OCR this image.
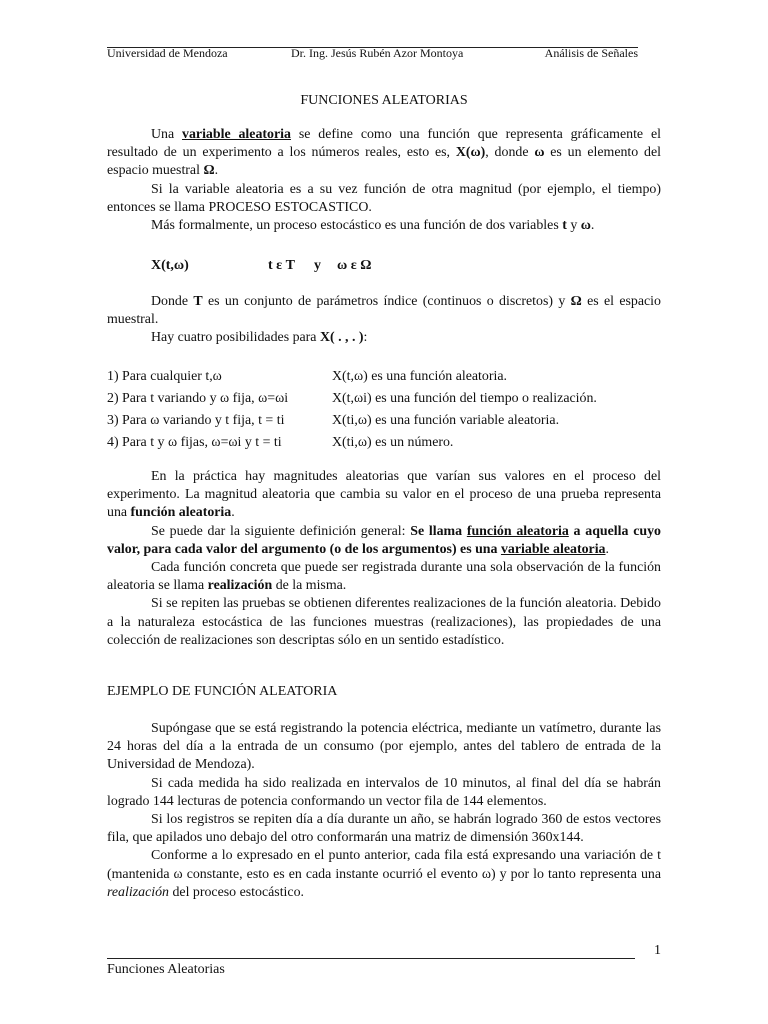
Universidad de Mendoza	Dr. Ing. Jesús Rubén Azor Montoya	Análisis de Señales
FUNCIONES ALEATORIAS

Una variable aleatoria se define como una función que representa gráficamente el resultado de un experimento a los números reales, esto es, X(ω), donde ω es un elemento del espacio muestral Ω.

Si la variable aleatoria es a su vez función de otra magnitud (por ejemplo, el tiempo) entonces se llama PROCESO ESTOCASTICO.

Más formalmente, un proceso estocástico es una función de dos variables t y ω.

X(t,ω)	t ε T y ω ε Ω

Donde T es un conjunto de parámetros índice (continuos o discretos) y Ω es el espacio muestral.

Hay cuatro posibilidades para X( . , . ):

1) Para cualquier t,ω	X(t,ω) es una función aleatoria.
2) Para t variando y ω fija, ω=ωi	X(t,ωi) es una función del tiempo o realización.
3) Para ω variando y t fija, t = ti	X(ti,ω) es una función variable aleatoria.
4) Para t y ω fijas, ω=ωi y t = ti	X(ti,ω) es un número.

En la práctica hay magnitudes aleatorias que varían sus valores en el proceso del experimento. La magnitud aleatoria que cambia su valor en el proceso de una prueba representa una función aleatoria.

Se puede dar la siguiente definición general: Se llama función aleatoria a aquella cuyo valor, para cada valor del argumento (o de los argumentos) es una variable aleatoria.

Cada función concreta que puede ser registrada durante una sola observación de la función aleatoria se llama realización de la misma.

Si se repiten las pruebas se obtienen diferentes realizaciones de la función aleatoria. Debido a la naturaleza estocástica de las funciones muestras (realizaciones), las propiedades de una colección de realizaciones son descriptas sólo en un sentido estadístico.

EJEMPLO DE FUNCIÓN ALEATORIA

Supóngase que se está registrando la potencia eléctrica, mediante un vatímetro, durante las 24 horas del día a la entrada de un consumo (por ejemplo, antes del tablero de entrada de la Universidad de Mendoza).

Si cada medida ha sido realizada en intervalos de 10 minutos, al final del día se habrán logrado 144 lecturas de potencia conformando un vector fila de 144 elementos.

Si los registros se repiten día a día durante un año, se habrán logrado 360 de estos vectores fila, que apilados uno debajo del otro conformarán una matriz de dimensión 360x144.

Conforme a lo expresado en el punto anterior, cada fila está expresando una variación de t (mantenida ω constante, esto es en cada instante ocurrió el evento ω) y por lo tanto representa una realización del proceso estocástico.

1
Funciones Aleatorias
